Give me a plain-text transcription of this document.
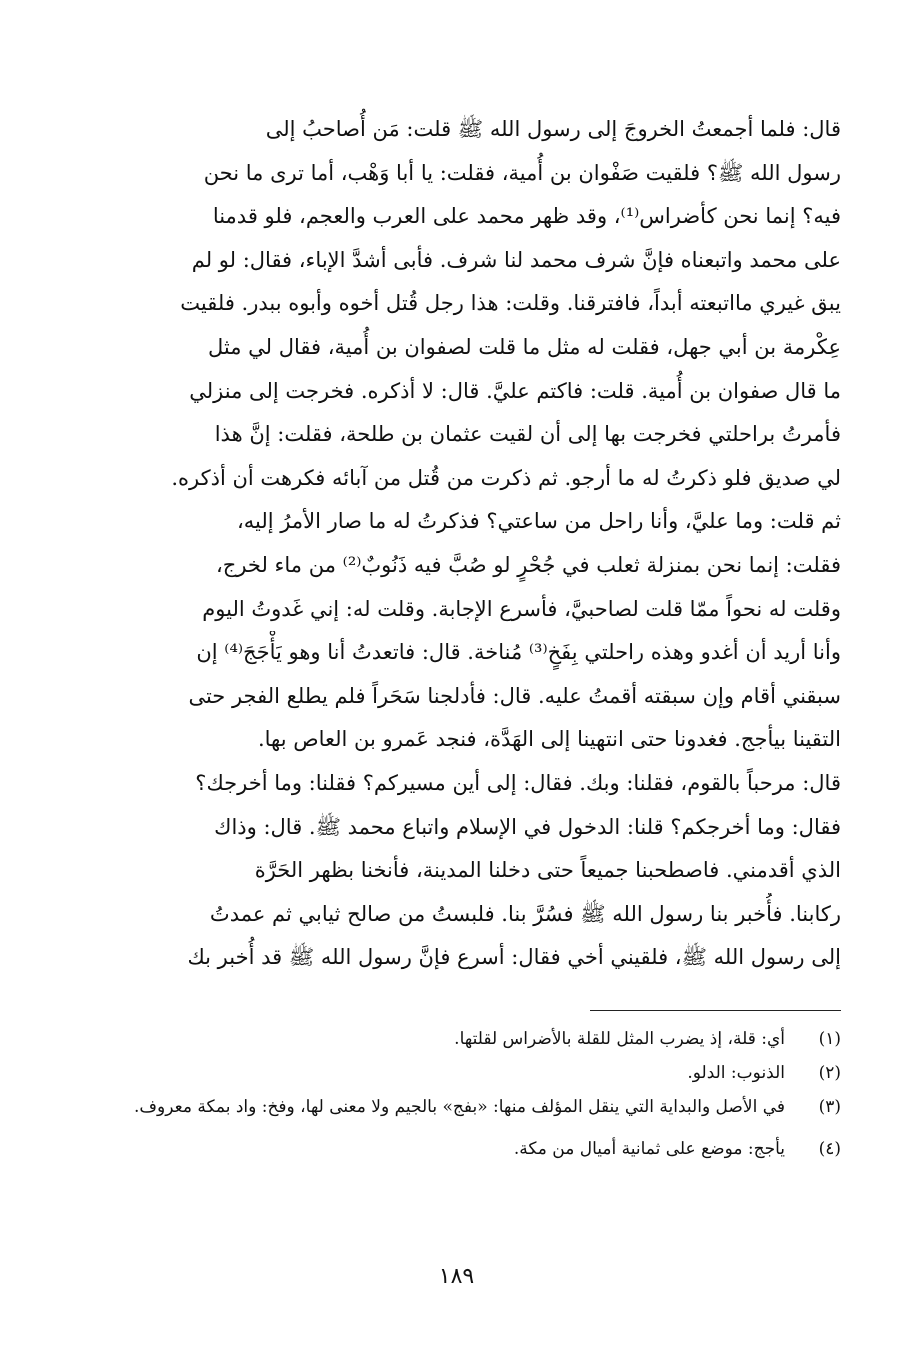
قال: فلما أجمعتُ الخروجَ إلى رسول الله ﷺ قلت: مَن أُصاحبُ إلى
رسول الله ﷺ؟ فلقيت صَفْوان بن أُمية، فقلت: يا أبا وَهْب، أما ترى ما نحن
فيه؟ إنما نحن كأضراس⁽¹⁾، وقد ظهر محمد على العرب والعجم، فلو قدمنا
على محمد واتبعناه فإنَّ شرف محمد لنا شرف. فأبى أشدَّ الإباء، فقال: لو لم
يبق غيري مااتبعته أبداً، فافترقنا. وقلت: هذا رجل قُتل أخوه وأبوه ببدر. فلقيت
عِكْرمة بن أبي جهل، فقلت له مثل ما قلت لصفوان بن أُمية، فقال لي مثل
ما قال صفوان بن أُمية. قلت: فاكتم عليَّ. قال: لا أذكره. فخرجت إلى منزلي
فأمرتُ براحلتي فخرجت بها إلى أن لقيت عثمان بن طلحة، فقلت: إنَّ هذا
لي صديق فلو ذكرتُ له ما أرجو. ثم ذكرت من قُتل من آبائه فكرهت أن أذكره.
ثم قلت: وما عليَّ، وأنا راحل من ساعتي؟ فذكرتُ له ما صار الأمرُ إليه،
فقلت: إنما نحن بمنزلة ثعلب في جُحْرٍ لو صُبَّ فيه ذَنُوبٌ⁽²⁾ من ماء لخرج،
وقلت له نحواً ممّا قلت لصاحبيَّ، فأسرع الإجابة. وقلت له: إني غَدوتُ اليوم
وأنا أريد أن أغدو وهذه راحلتي بِفَخٍ⁽³⁾ مُناخة. قال: فاتعدتُ أنا وهو يَأْجَجَ⁽⁴⁾ إن
سبقني أقام وإن سبقته أقمتُ عليه. قال: فأدلجنا سَحَراً فلم يطلع الفجر حتى
التقينا بيأجج. فغدونا حتى انتهينا إلى الهَدَّة، فنجد عَمرو بن العاص بها.
قال: مرحباً بالقوم، فقلنا: وبك. فقال: إلى أين مسيركم؟ فقلنا: وما أخرجك؟
فقال: وما أخرجكم؟ قلنا: الدخول في الإسلام واتباع محمد ﷺ. قال: وذاك
الذي أقدمني. فاصطحبنا جميعاً حتى دخلنا المدينة، فأنخنا بظهر الحَرَّة
ركابنا. فأُخبر بنا رسول الله ﷺ فسُرَّ بنا. فلبستُ من صالح ثيابي ثم عمدتُ
إلى رسول الله ﷺ، فلقيني أخي فقال: أسرع فإنَّ رسول الله ﷺ قد أُخبر بك
(١)
أي: قلة، إذ يضرب المثل للقلة بالأضراس لقلتها.
(٢)
الذنوب: الدلو.
(٣)
في الأصل والبداية التي ينقل المؤلف منها: «بفج» بالجيم ولا معنى لها، وفخ: واد بمكة معروف.
(٤)
يأجج: موضع على ثمانية أميال من مكة.
١٨٩
